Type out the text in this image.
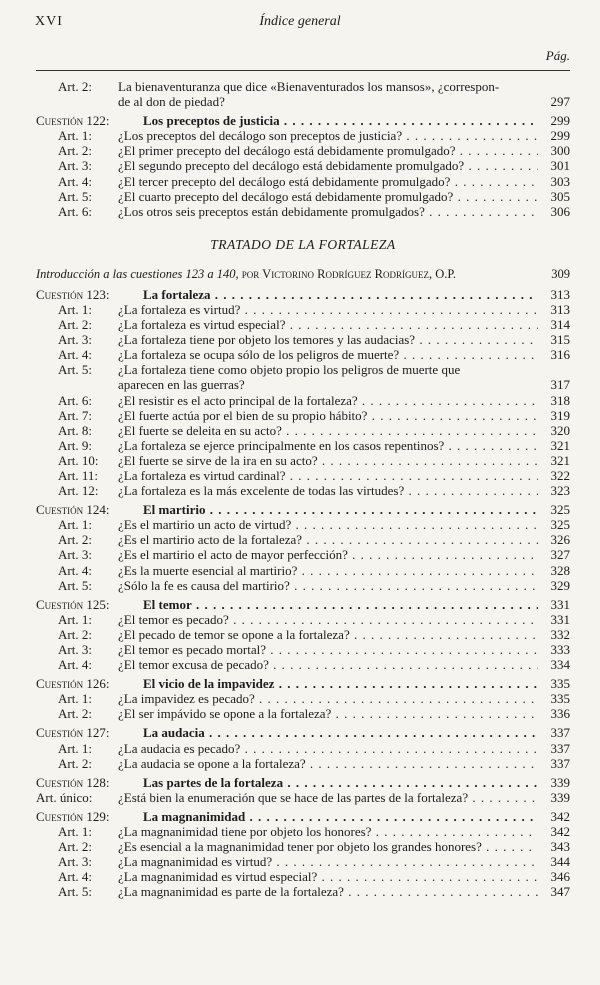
XVI	Índice general
Pág.
Art. 2: La bienaventuranza que dice «Bienaventurados los mansos», ¿correspon-
de al don de piedad?	297
Cuestión 122:	Los preceptos de justicia . . .	299
Art. 1: ¿Los preceptos del decálogo son preceptos de justicia? . . .	299
Art. 2: ¿El primer precepto del decálogo está debidamente promulgado? . . .	300
Art. 3: ¿El segundo precepto del decálogo está debidamente promulgado? . . .	301
Art. 4: ¿El tercer precepto del decálogo está debidamente promulgado? . . .	303
Art. 5: ¿El cuarto precepto del decálogo está debidamente promulgado? . . .	305
Art. 6: ¿Los otros seis preceptos están debidamente promulgados? . . .	306
TRATADO DE LA FORTALEZA
Introducción a las cuestiones 123 a 140, por Victorino Rodríguez Rodríguez, O.P.	309
Cuestión 123:	La fortaleza . . .	313
Art. 1: ¿La fortaleza es virtud? . . .	313
Art. 2: ¿La fortaleza es virtud especial? . . .	314
Art. 3: ¿La fortaleza tiene por objeto los temores y las audacias? . . .	315
Art. 4: ¿La fortaleza se ocupa sólo de los peligros de muerte? . . .	316
Art. 5: ¿La fortaleza tiene como objeto propio los peligros de muerte que
aparecen en las guerras?	317
Art. 6: ¿El resistir es el acto principal de la fortaleza? . . .	318
Art. 7: ¿El fuerte actúa por el bien de su propio hábito? . . .	319
Art. 8: ¿El fuerte se deleita en su acto? . . .	320
Art. 9: ¿La fortaleza se ejerce principalmente en los casos repentinos? . . .	321
Art. 10: ¿El fuerte se sirve de la ira en su acto? . . .	321
Art. 11: ¿La fortaleza es virtud cardinal? . . .	322
Art. 12: ¿La fortaleza es la más excelente de todas las virtudes? . . .	323
Cuestión 124:	El martirio . . .	325
Art. 1: ¿Es el martirio un acto de virtud? . . .	325
Art. 2: ¿Es el martirio acto de la fortaleza? . . .	326
Art. 3: ¿Es el martirio el acto de mayor perfección? . . .	327
Art. 4: ¿Es la muerte esencial al martirio? . . .	328
Art. 5: ¿Sólo la fe es causa del martirio? . . .	329
Cuestión 125:	El temor . . .	331
Art. 1: ¿El temor es pecado? . . .	331
Art. 2: ¿El pecado de temor se opone a la fortaleza? . . .	332
Art. 3: ¿El temor es pecado mortal? . . .	333
Art. 4: ¿El temor excusa de pecado? . . .	334
Cuestión 126:	El vicio de la impavidez . . .	335
Art. 1: ¿La impavidez es pecado? . . .	335
Art. 2: ¿El ser impávido se opone a la fortaleza? . . .	336
Cuestión 127:	La audacia . . .	337
Art. 1: ¿La audacia es pecado? . . .	337
Art. 2: ¿La audacia se opone a la fortaleza? . . .	337
Cuestión 128:	Las partes de la fortaleza . . .	339
Art. único: ¿Está bien la enumeración que se hace de las partes de la fortaleza? . . .	339
Cuestión 129:	La magnanimidad . . .	342
Art. 1: ¿La magnanimidad tiene por objeto los honores? . . .	342
Art. 2: ¿Es esencial a la magnanimidad tener por objeto los grandes honores? . . .	343
Art. 3: ¿La magnanimidad es virtud? . . .	344
Art. 4: ¿La magnanimidad es virtud especial? . . .	346
Art. 5: ¿La magnanimidad es parte de la fortaleza? . . .	347
